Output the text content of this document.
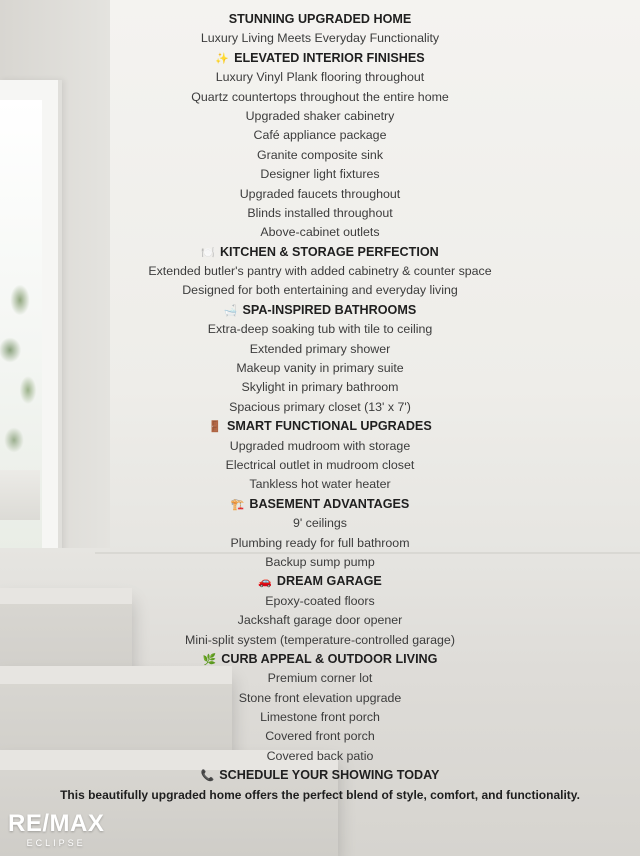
STUNNING UPGRADED HOME
Luxury Living Meets Everyday Functionality
✨ ELEVATED INTERIOR FINISHES
Luxury Vinyl Plank flooring throughout
Quartz countertops throughout the entire home
Upgraded shaker cabinetry
Café appliance package
Granite composite sink
Designer light fixtures
Upgraded faucets throughout
Blinds installed throughout
Above-cabinet outlets
🍽️ KITCHEN & STORAGE PERFECTION
Extended butler's pantry with added cabinetry & counter space
Designed for both entertaining and everyday living
🛁 SPA-INSPIRED BATHROOMS
Extra-deep soaking tub with tile to ceiling
Extended primary shower
Makeup vanity in primary suite
Skylight in primary bathroom
Spacious primary closet (13' x 7')
🚪 SMART FUNCTIONAL UPGRADES
Upgraded mudroom with storage
Electrical outlet in mudroom closet
Tankless hot water heater
🏗️ BASEMENT ADVANTAGES
9' ceilings
Plumbing ready for full bathroom
Backup sump pump
🚗 DREAM GARAGE
Epoxy-coated floors
Jackshaft garage door opener
Mini-split system (temperature-controlled garage)
🌿 CURB APPEAL & OUTDOOR LIVING
Premium corner lot
Stone front elevation upgrade
Limestone front porch
Covered front porch
Covered back patio
📞 SCHEDULE YOUR SHOWING TODAY
This beautifully upgraded home offers the perfect blend of style, comfort, and functionality.
RE/MAX
ECLIPSE
